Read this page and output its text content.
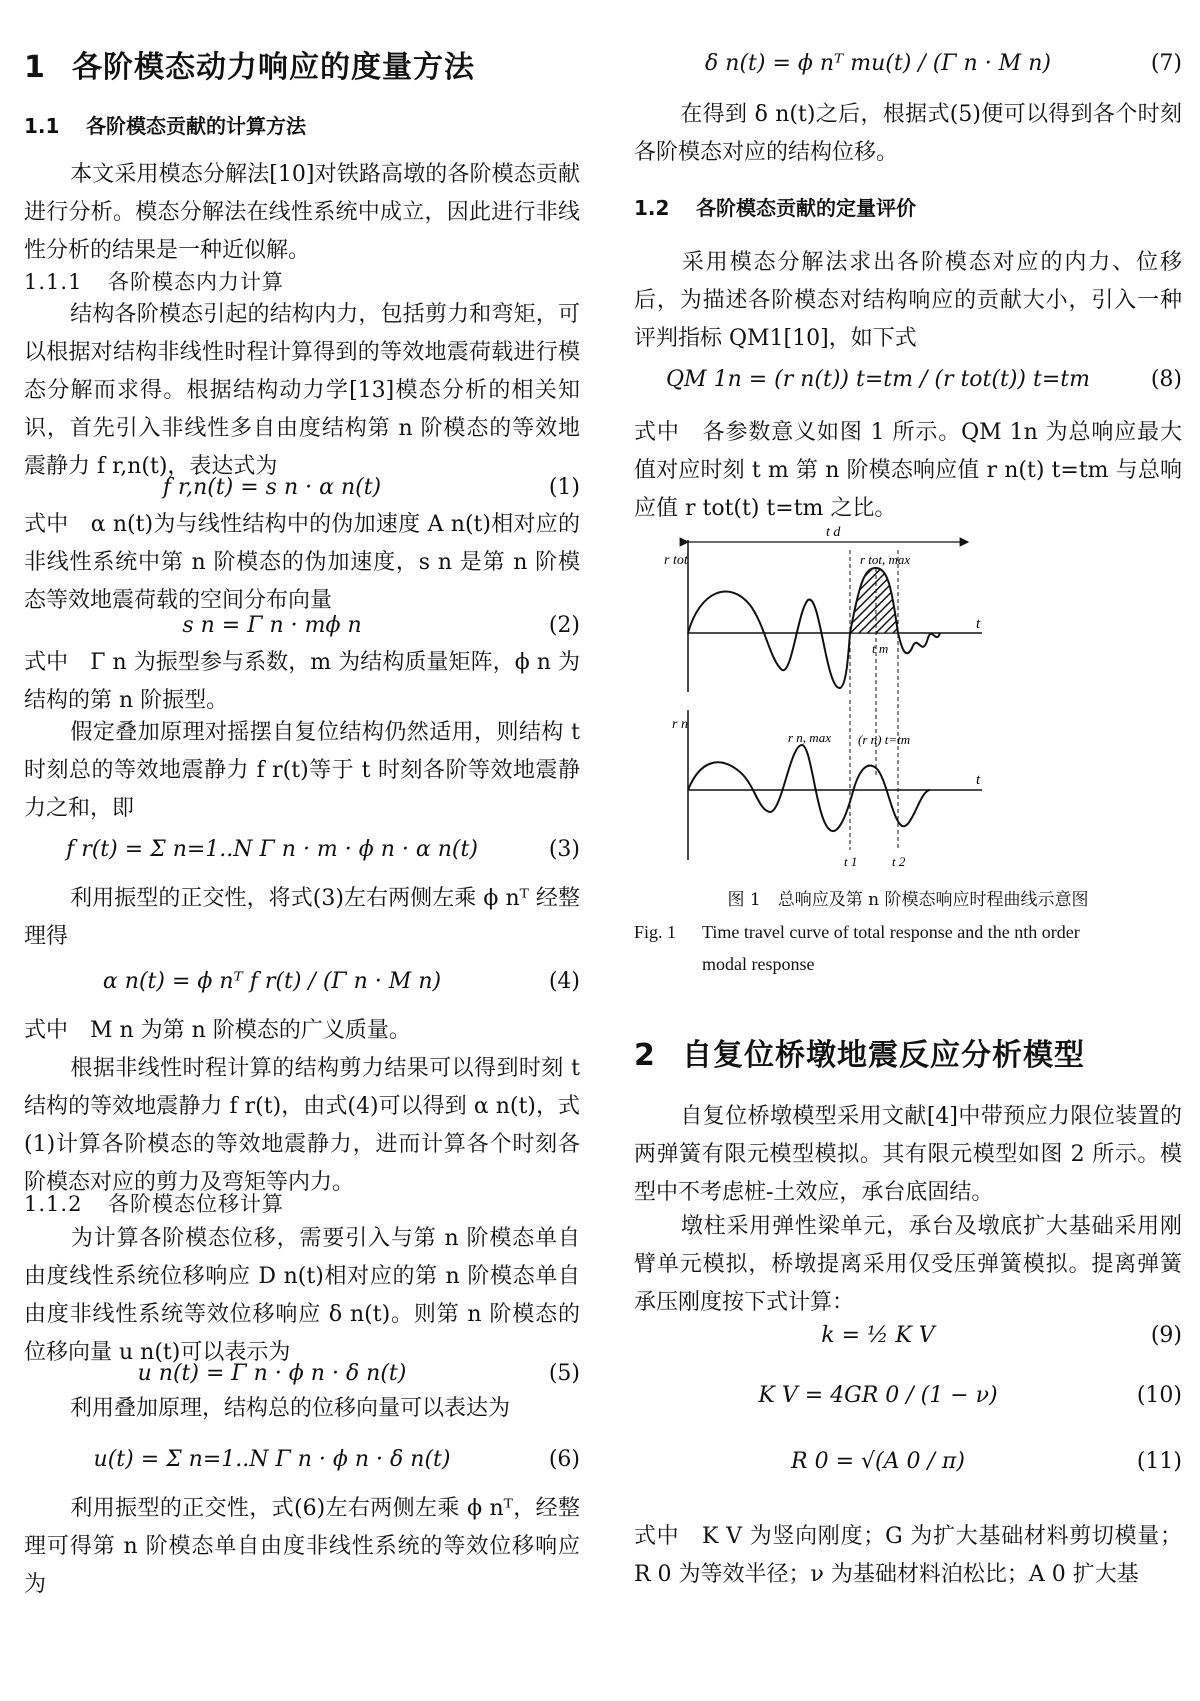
1 各阶模态动力响应的度量方法
1.1 各阶模态贡献的计算方法
本文采用模态分解法[10]对铁路高墩的各阶模态贡献进行分析。模态分解法在线性系统中成立，因此进行非线性分析的结果是一种近似解。
1.1.1 各阶模态内力计算
结构各阶模态引起的结构内力，包括剪力和弯矩，可以根据对结构非线性时程计算得到的等效地震荷载进行模态分解而求得。根据结构动力学[13]模态分析的相关知识，首先引入非线性多自由度结构第 n 阶模态的等效地震静力 f r,n(t)，表达式为
f r,n(t) = s n · α n(t)	(1)
式中　α n(t)为与线性结构中的伪加速度 A n(t)相对应的非线性系统中第 n 阶模态的伪加速度，s n 是第 n 阶模态等效地震荷载的空间分布向量
s n = Γ n · mϕ n	(2)
式中　Γ n 为振型参与系数，m 为结构质量矩阵，ϕ n 为结构的第 n 阶振型。
假定叠加原理对摇摆自复位结构仍然适用，则结构 t 时刻总的等效地震静力 f r(t)等于 t 时刻各阶等效地震静力之和，即
f r(t) = Σ n=1..N Γ n · m · ϕ n · α n(t)	(3)
利用振型的正交性，将式(3)左右两侧左乘 ϕ nᵀ 经整理得
α n(t) = ϕ nᵀ f r(t) / (Γ n · M n)	(4)
式中　M n 为第 n 阶模态的广义质量。
根据非线性时程计算的结构剪力结果可以得到时刻 t 结构的等效地震静力 f r(t)，由式(4)可以得到 α n(t)，式(1)计算各阶模态的等效地震静力，进而计算各个时刻各阶模态对应的剪力及弯矩等内力。
1.1.2 各阶模态位移计算
为计算各阶模态位移，需要引入与第 n 阶模态单自由度线性系统位移响应 D n(t)相对应的第 n 阶模态单自由度非线性系统等效位移响应 δ n(t)。则第 n 阶模态的位移向量 u n(t)可以表示为
u n(t) = Γ n · ϕ n · δ n(t)	(5)
利用叠加原理，结构总的位移向量可以表达为
u(t) = Σ n=1..N Γ n · ϕ n · δ n(t)	(6)
利用振型的正交性，式(6)左右两侧左乘 ϕ nᵀ，经整理可得第 n 阶模态单自由度非线性系统的等效位移响应为
δ n(t) = ϕ nᵀ mu(t) / (Γ n · M n)	(7)
在得到 δ n(t)之后，根据式(5)便可以得到各个时刻各阶模态对应的结构位移。
1.2 各阶模态贡献的定量评价
采用模态分解法求出各阶模态对应的内力、位移后，为描述各阶模态对结构响应的贡献大小，引入一种评判指标 QM1[10]，如下式
QM 1n = (r n(t)) t=tm / (r tot(t)) t=tm	(8)
式中　各参数意义如图 1 所示。QM 1n 为总响应最大值对应时刻 t m 第 n 阶模态响应值 r n(t) t=tm 与总响应值 r tot(t) t=tm 之比。
图 1　总响应及第 n 阶模态响应时程曲线示意图
Fig. 1 Time travel curve of total response and the nth order modal response
2 自复位桥墩地震反应分析模型
自复位桥墩模型采用文献[4]中带预应力限位装置的两弹簧有限元模型模拟。其有限元模型如图 2 所示。模型中不考虑桩-土效应，承台底固结。
墩柱采用弹性梁单元，承台及墩底扩大基础采用刚臂单元模拟，桥墩提离采用仅受压弹簧模拟。提离弹簧承压刚度按下式计算：
k = ½ K V	(9)
K V = 4GR 0 / (1 − ν)	(10)
R 0 = √(A 0 / π)	(11)
式中　K V 为竖向刚度；G 为扩大基础材料剪切模量；R 0 为等效半径；ν 为基础材料泊松比；A 0 扩大基
t d
r tot
t
r tot, max
t m
r n
t
r n, max (r n) t=tm
t 1	t 2
